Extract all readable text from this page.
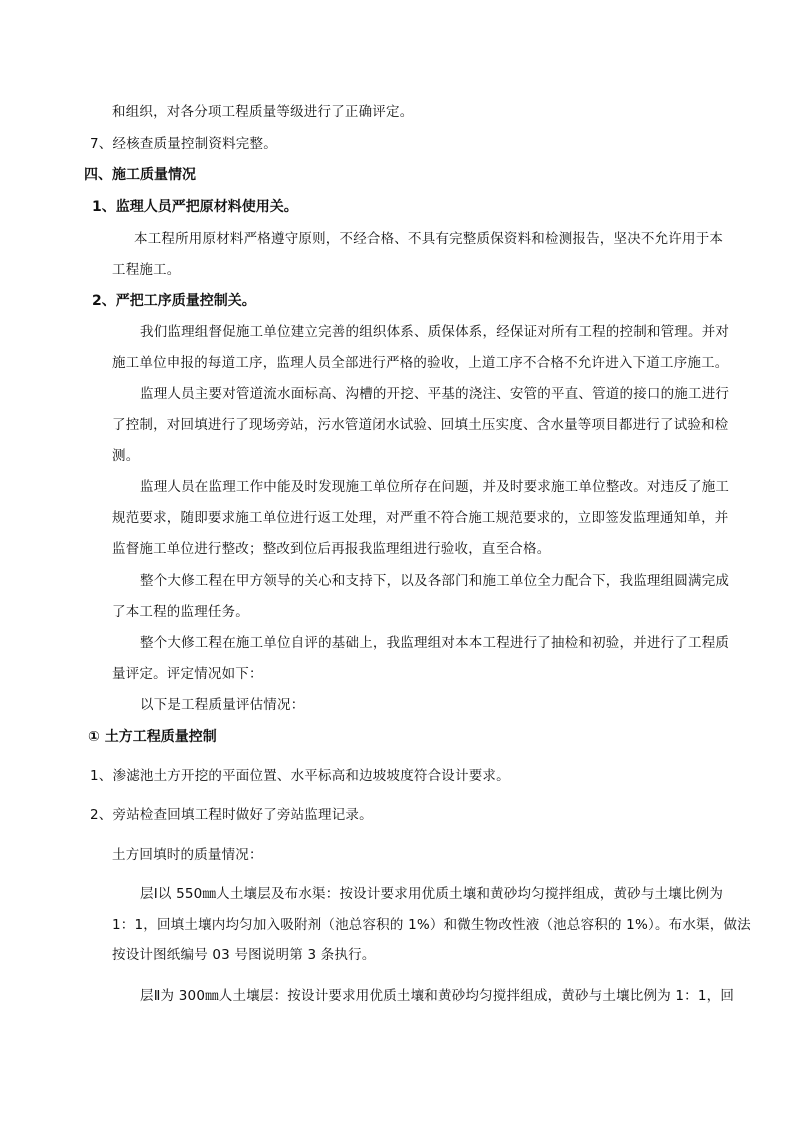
和组织，对各分项工程质量等级进行了正确评定。
7、经核查质量控制资料完整。
四、施工质量情况
1、监理人员严把原材料使用关。
本工程所用原材料严格遵守原则，不经合格、不具有完整质保资料和检测报告，坚决不允许用于本
工程施工。
2、严把工序质量控制关。
我们监理组督促施工单位建立完善的组织体系、质保体系，经保证对所有工程的控制和管理。并对
施工单位申报的每道工序，监理人员全部进行严格的验收，上道工序不合格不允许进入下道工序施工。
监理人员主要对管道流水面标高、沟槽的开挖、平基的浇注、安管的平直、管道的接口的施工进行
了控制，对回填进行了现场旁站，污水管道闭水试验、回填土压实度、含水量等项目都进行了试验和检
测。
监理人员在监理工作中能及时发现施工单位所存在问题，并及时要求施工单位整改。对违反了施工
规范要求，随即要求施工单位进行返工处理，对严重不符合施工规范要求的，立即签发监理通知单，并
监督施工单位进行整改；整改到位后再报我监理组进行验收，直至合格。
整个大修工程在甲方领导的关心和支持下，以及各部门和施工单位全力配合下，我监理组圆满完成
了本工程的监理任务。
整个大修工程在施工单位自评的基础上，我监理组对本本工程进行了抽检和初验，并进行了工程质
量评定。评定情况如下：
以下是工程质量评估情况：
① 土方工程质量控制
1、渗滤池土方开挖的平面位置、水平标高和边坡坡度符合设计要求。
2、旁站检查回填工程时做好了旁站监理记录。
土方回填时的质量情况：
层Ⅰ以 550㎜人土壤层及布水渠：按设计要求用优质土壤和黄砂均匀搅拌组成，黄砂与土壤比例为
1：1，回填土壤内均匀加入吸附剂（池总容积的 1%）和微生物改性液（池总容积的 1%）。布水渠，做法
按设计图纸编号 03 号图说明第 3 条执行。
层Ⅱ为 300㎜人土壤层：按设计要求用优质土壤和黄砂均匀搅拌组成，黄砂与土壤比例为 1：1，回
